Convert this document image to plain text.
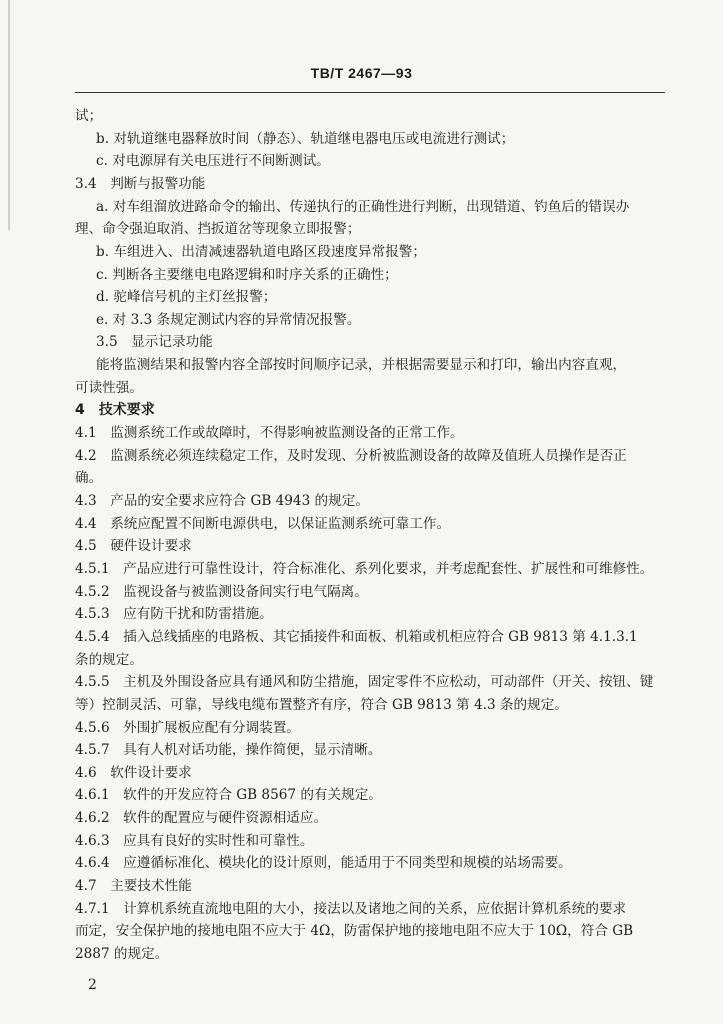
TB/T 2467—93
试；
b. 对轨道继电器释放时间（静态）、轨道继电器电压或电流进行测试；
c. 对电源屏有关电压进行不间断测试。
3.4　判断与报警功能
a. 对车组溜放进路命令的输出、传递执行的正确性进行判断，出现错道、钓鱼后的错误办
理、命令强迫取消、挡扳道岔等现象立即报警；
b. 车组进入、出清减速器轨道电路区段速度异常报警；
c. 判断各主要继电电路逻辑和时序关系的正确性；
d. 驼峰信号机的主灯丝报警；
e. 对 3.3 条规定测试内容的异常情况报警。
3.5　显示记录功能
能将监测结果和报警内容全部按时间顺序记录，并根据需要显示和打印，输出内容直观，
可读性强。
4　技术要求
4.1　监测系统工作或故障时，不得影响被监测设备的正常工作。
4.2　监测系统必须连续稳定工作，及时发现、分析被监测设备的故障及值班人员操作是否正
确。
4.3　产品的安全要求应符合 GB 4943 的规定。
4.4　系统应配置不间断电源供电，以保证监测系统可靠工作。
4.5　硬件设计要求
4.5.1　产品应进行可靠性设计，符合标准化、系列化要求，并考虑配套性、扩展性和可维修性。
4.5.2　监视设备与被监测设备间实行电气隔离。
4.5.3　应有防干扰和防雷措施。
4.5.4　插入总线插座的电路板、其它插接件和面板、机箱或机柜应符合 GB 9813 第 4.1.3.1
条的规定。
4.5.5　主机及外围设备应具有通风和防尘措施，固定零件不应松动，可动部件（开关、按钮、键
等）控制灵活、可靠，导线电缆布置整齐有序，符合 GB 9813 第 4.3 条的规定。
4.5.6　外围扩展板应配有分调装置。
4.5.7　具有人机对话功能，操作简便，显示清晰。
4.6　软件设计要求
4.6.1　软件的开发应符合 GB 8567 的有关规定。
4.6.2　软件的配置应与硬件资源相适应。
4.6.3　应具有良好的实时性和可靠性。
4.6.4　应遵循标准化、模块化的设计原则，能适用于不同类型和规模的站场需要。
4.7　主要技术性能
4.7.1　计算机系统直流地电阻的大小，接法以及诸地之间的关系，应依据计算机系统的要求
而定，安全保护地的接地电阻不应大于 4Ω，防雷保护地的接地电阻不应大于 10Ω，符合 GB
2887 的规定。
2
